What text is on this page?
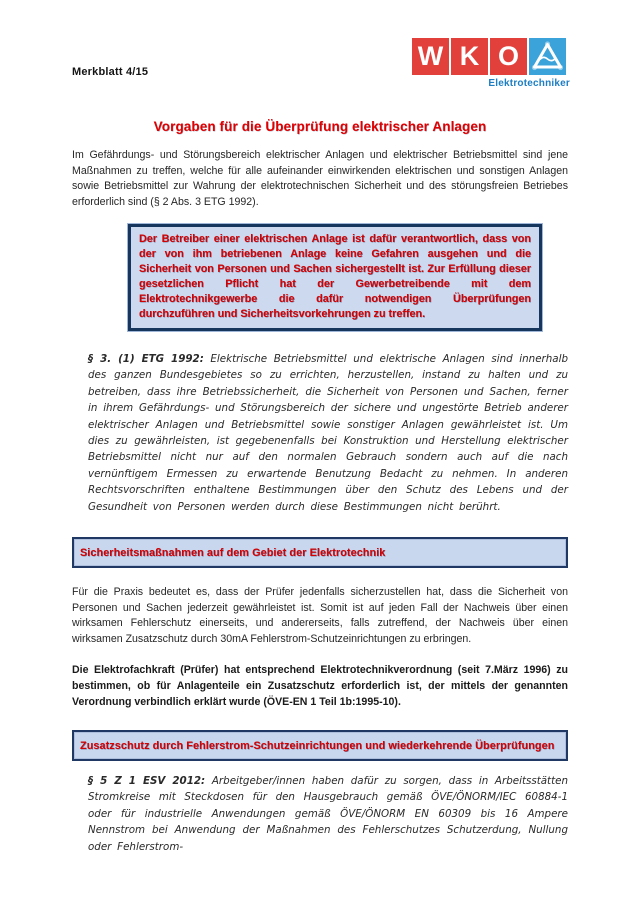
Merkblatt 4/15
W K O
Elektrotechniker
Vorgaben für die Überprüfung elektrischer Anlagen

Im Gefährdungs- und Störungsbereich elektrischer Anlagen und elektrischer Betriebsmittel sind jene Maßnahmen zu treffen, welche für alle aufeinander einwirkenden elektrischen und sonstigen Anlagen sowie Betriebsmittel zur Wahrung der elektrotechnischen Sicherheit und des störungsfreien Betriebes erforderlich sind (§ 2 Abs. 3 ETG 1992).

Der Betreiber einer elektrischen Anlage ist dafür verantwortlich, dass von der von ihm betriebenen Anlage keine Gefahren ausgehen und die Sicherheit von Personen und Sachen sichergestellt ist. Zur Erfüllung dieser gesetzlichen Pflicht hat der Gewerbetreibende mit dem Elektrotechnikgewerbe die dafür notwendigen Überprüfungen durchzuführen und Sicherheitsvorkehrungen zu treffen.

§ 3. (1) ETG 1992: Elektrische Betriebsmittel und elektrische Anlagen sind innerhalb des ganzen Bundesgebietes so zu errichten, herzustellen, instand zu halten und zu betreiben, dass ihre Betriebssicherheit, die Sicherheit von Personen und Sachen, ferner in ihrem Gefährdungs- und Störungsbereich der sichere und ungestörte Betrieb anderer elektrischer Anlagen und Betriebsmittel sowie sonstiger Anlagen gewährleistet ist. Um dies zu gewährleisten, ist gegebenenfalls bei Konstruktion und Herstellung elektrischer Betriebsmittel nicht nur auf den normalen Gebrauch sondern auch auf die nach vernünftigem Ermessen zu erwartende Benutzung Bedacht zu nehmen. In anderen Rechtsvorschriften enthaltene Bestimmungen über den Schutz des Lebens und der Gesundheit von Personen werden durch diese Bestimmungen nicht berührt.

Sicherheitsmaßnahmen auf dem Gebiet der Elektrotechnik

Für die Praxis bedeutet es, dass der Prüfer jedenfalls sicherzustellen hat, dass die Sicherheit von Personen und Sachen jederzeit gewährleistet ist. Somit ist auf jeden Fall der Nachweis über einen wirksamen Fehlerschutz einerseits, und andererseits, falls zutreffend, der Nachweis über einen wirksamen Zusatzschutz durch 30mA Fehlerstrom-Schutzeinrichtungen zu erbringen.

Die Elektrofachkraft (Prüfer) hat entsprechend Elektrotechnikverordnung (seit 7.März 1996) zu bestimmen, ob für Anlagenteile ein Zusatzschutz erforderlich ist, der mittels der genannten Verordnung verbindlich erklärt wurde (ÖVE-EN 1 Teil 1b:1995-10).

Zusatzschutz durch Fehlerstrom-Schutzeinrichtungen und wiederkehrende Überprüfungen

§ 5 Z 1 ESV 2012: Arbeitgeber/innen haben dafür zu sorgen, dass in Arbeitsstätten Stromkreise mit Steckdosen für den Hausgebrauch gemäß ÖVE/ÖNORM/IEC 60884-1 oder für industrielle Anwendungen gemäß ÖVE/ÖNORM EN 60309 bis 16 Ampere Nennstrom bei Anwendung der Maßnahmen des Fehlerschutzes Schutzerdung, Nullung oder Fehlerstrom-
